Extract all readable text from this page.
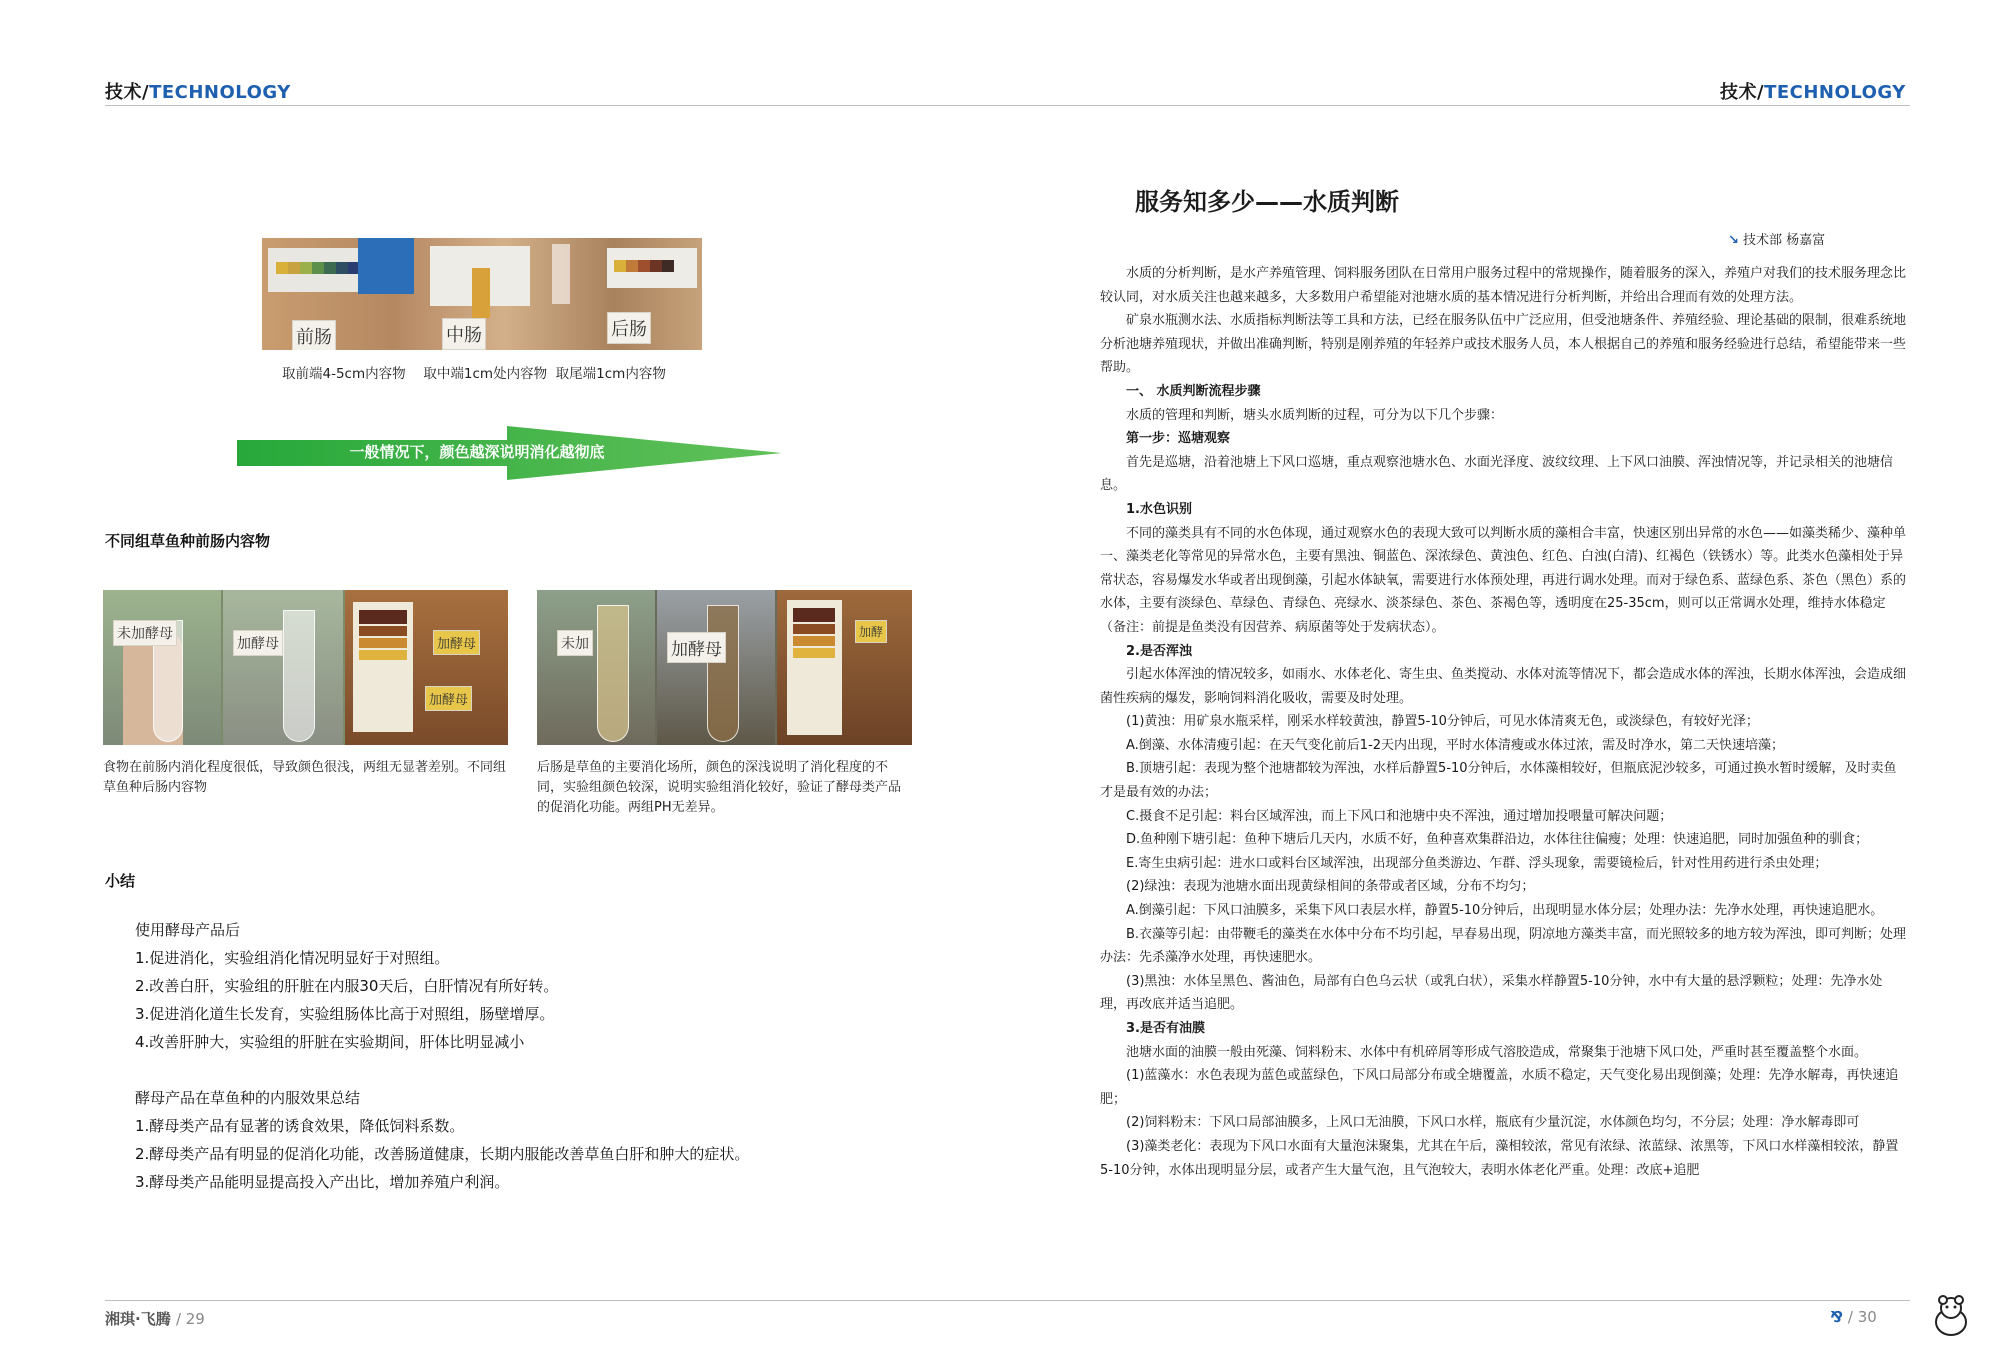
技术/TECHNOLOGY
前肠	中肠	后肠
取前端4-5cm内容物　 取中端1cm处内容物  取尾端1cm内容物
一般情况下，颜色越深说明消化越彻底
不同组草鱼种前肠内容物
未加酵母
加酵母	加酵母
加酵母
未加	加酵母
加酵
食物在前肠内消化程度很低，导致颜色很浅，两组无显著差别。不同组草鱼种后肠内容物
后肠是草鱼的主要消化场所，颜色的深浅说明了消化程度的不同，实验组颜色较深，说明实验组消化较好，验证了酵母类产品的促消化功能。两组PH无差异。
小结
使用酵母产品后
1.促进消化，实验组消化情况明显好于对照组。
2.改善白肝，实验组的肝脏在内服30天后，白肝情况有所好转。
3.促进消化道生长发育，实验组肠体比高于对照组，肠壁增厚。
4.改善肝肿大，实验组的肝脏在实验期间，肝体比明显减小
酵母产品在草鱼种的内服效果总结
1.酵母类产品有显著的诱食效果，降低饲料系数。
2.酵母类产品有明显的促消化功能，改善肠道健康，长期内服能改善草鱼白肝和肿大的症状。
3.酵母类产品能明显提高投入产出比，增加养殖户利润。
湘琪·飞腾 / 29
技术/TECHNOLOGY
服务知多少——水质判断
↘ 技术部 杨嘉富

水质的分析判断，是水产养殖管理、饲料服务团队在日常用户服务过程中的常规操作，随着服务的深入，养殖户对我们的技术服务理念比较认同，对水质关注也越来越多，大多数用户希望能对池塘水质的基本情况进行分析判断，并给出合理而有效的处理方法。

矿泉水瓶测水法、水质指标判断法等工具和方法，已经在服务队伍中广泛应用，但受池塘条件、养殖经验、理论基础的限制，很难系统地分析池塘养殖现状，并做出准确判断，特别是刚养殖的年轻养户或技术服务人员，本人根据自己的养殖和服务经验进行总结，希望能带来一些帮助。

一、 水质判断流程步骤

水质的管理和判断，塘头水质判断的过程，可分为以下几个步骤：

第一步：巡塘观察

首先是巡塘，沿着池塘上下风口巡塘，重点观察池塘水色、水面光泽度、波纹纹理、上下风口油膜、浑浊情况等，并记录相关的池塘信息。

1.水色识别

不同的藻类具有不同的水色体现，通过观察水色的表现大致可以判断水质的藻相合丰富，快速区别出异常的水色——如藻类稀少、藻种单一、藻类老化等常见的异常水色，主要有黑浊、铜蓝色、深浓绿色、黄浊色、红色、白浊(白清)、红褐色（铁锈水）等。此类水色藻相处于异常状态，容易爆发水华或者出现倒藻，引起水体缺氧，需要进行水体预处理，再进行调水处理。而对于绿色系、蓝绿色系、茶色（黑色）系的水体，主要有淡绿色、草绿色、青绿色、亮绿水、淡茶绿色、茶色、茶褐色等，透明度在25-35cm，则可以正常调水处理，维持水体稳定（备注：前提是鱼类没有因营养、病原菌等处于发病状态）。

2.是否浑浊

引起水体浑浊的情况较多，如雨水、水体老化、寄生虫、鱼类搅动、水体对流等情况下，都会造成水体的浑浊，长期水体浑浊，会造成细菌性疾病的爆发，影响饲料消化吸收，需要及时处理。

(1)黄浊：用矿泉水瓶采样，刚采水样较黄浊，静置5-10分钟后，可见水体清爽无色，或淡绿色，有较好光泽；

A.倒藻、水体清瘦引起：在天气变化前后1-2天内出现，平时水体清瘦或水体过浓，需及时净水，第二天快速培藻；

B.顶塘引起：表现为整个池塘都较为浑浊，水样后静置5-10分钟后，水体藻相较好，但瓶底泥沙较多，可通过换水暂时缓解，及时卖鱼才是最有效的办法；

C.摄食不足引起：料台区域浑浊，而上下风口和池塘中央不浑浊，通过增加投喂量可解决问题；

D.鱼种刚下塘引起：鱼种下塘后几天内，水质不好，鱼种喜欢集群沿边，水体往往偏瘦；处理：快速追肥，同时加强鱼种的驯食；

E.寄生虫病引起：进水口或料台区域浑浊，出现部分鱼类游边、乍群、浮头现象，需要镜检后，针对性用药进行杀虫处理；

(2)绿浊：表现为池塘水面出现黄绿相间的条带或者区域，分布不均匀；

A.倒藻引起：下风口油膜多，采集下风口表层水样，静置5-10分钟后，出现明显水体分层；处理办法：先净水处理，再快速追肥水。

B.衣藻等引起：由带鞭毛的藻类在水体中分布不均引起，早春易出现，阴凉地方藻类丰富，而光照较多的地方较为浑浊，即可判断；处理办法：先杀藻净水处理，再快速肥水。

(3)黑浊：水体呈黑色、酱油色，局部有白色乌云状（或乳白状），采集水样静置5-10分钟，水中有大量的悬浮颗粒；处理：先净水处理，再改底并适当追肥。

3.是否有油膜

池塘水面的油膜一般由死藻、饲料粉末、水体中有机碎屑等形成气溶胶造成，常聚集于池塘下风口处，严重时甚至覆盖整个水面。

(1)蓝藻水：水色表现为蓝色或蓝绿色，下风口局部分布或全塘覆盖，水质不稳定，天气变化易出现倒藻；处理：先净水解毒，再快速追肥；

(2)饲料粉末：下风口局部油膜多，上风口无油膜，下风口水样，瓶底有少量沉淀，水体颜色均匀，不分层；处理：净水解毒即可

(3)藻类老化：表现为下风口水面有大量泡沫聚集，尤其在午后，藻相较浓，常见有浓绿、浓蓝绿、浓黑等，下风口水样藻相较浓，静置5-10分钟，水体出现明显分层，或者产生大量气泡，且气泡较大，表明水体老化严重。处理：改底+追肥

⅋ / 30
